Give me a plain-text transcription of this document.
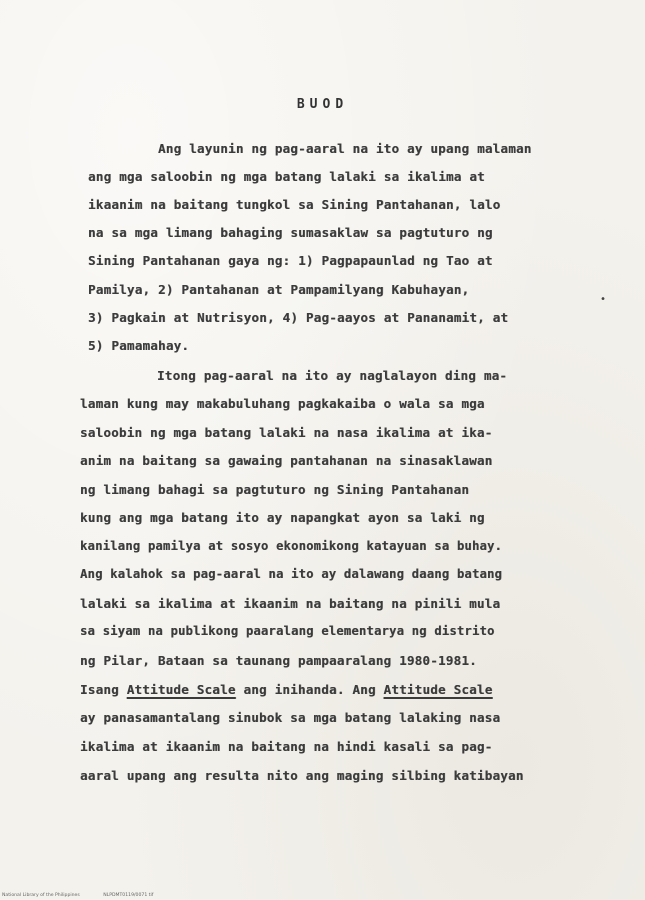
BUOD
Ang layunin ng pag-aaral na ito ay upang malaman
ang mga saloobin ng mga batang lalaki sa ikalima at
ikaanim na baitang tungkol sa Sining Pantahanan, lalo
na sa mga limang bahaging sumasaklaw sa pagtuturo ng
Sining Pantahanan gaya ng: 1) Pagpapaunlad ng Tao at
Pamilya, 2) Pantahanan at Pampamilyang Kabuhayan,
3) Pagkain at Nutrisyon, 4) Pag-aayos at Pananamit, at
5) Pamamahay.
Itong pag-aaral na ito ay naglalayon ding ma-
laman kung may makabuluhang pagkakaiba o wala sa mga
saloobin ng mga batang lalaki na nasa ikalima at ika-
anim na baitang sa gawaing pantahanan na sinasaklawan
ng limang bahagi sa pagtuturo ng Sining Pantahanan
kung ang mga batang ito ay napangkat ayon sa laki ng
kanilang pamilya at sosyo ekonomikong katayuan sa buhay.
Ang kalahok sa pag-aaral na ito ay dalawang daang batang
lalaki sa ikalima at ikaanim na baitang na pinili mula
sa siyam na publikong paaralang elementarya ng distrito
ng Pilar, Bataan sa taunang pampaaralang 1980-1981.
Isang Attitude Scale ang inihanda. Ang Attitude Scale
ay panasamantalang sinubok sa mga batang lalaking nasa
ikalima at ikaanim na baitang na hindi kasali sa pag-
aaral upang ang resulta nito ang maging silbing katibayan
•
National Library of the Philippines	NLPDMT0119/0071 tif
